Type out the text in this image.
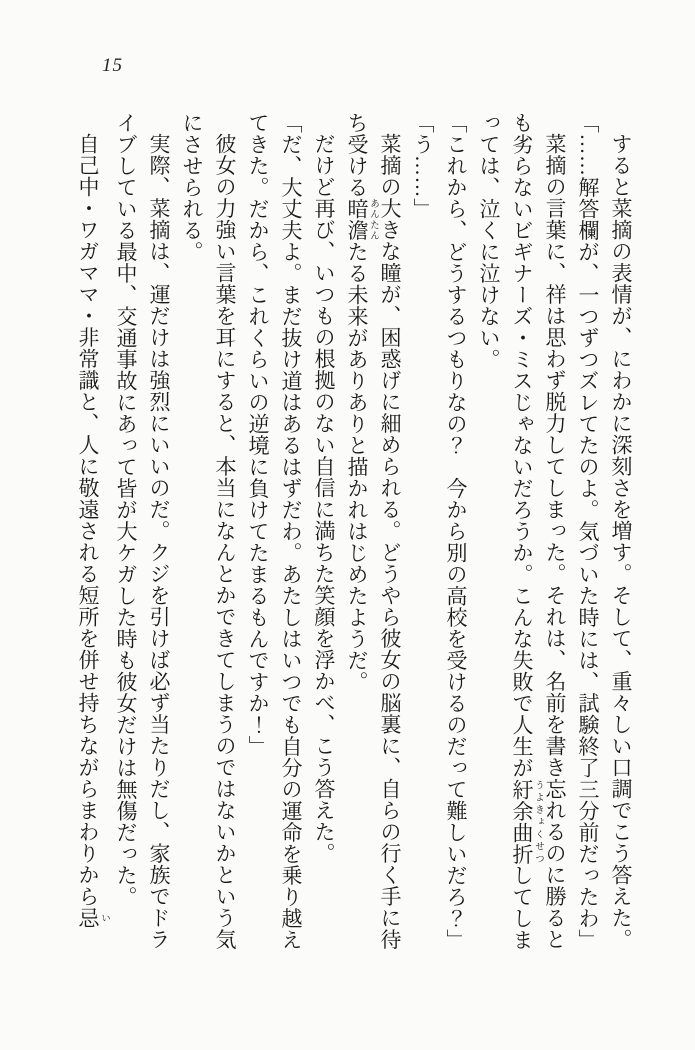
15

すると菜摘の表情が、にわかに深刻さを増す。そして、重々しい口調でこう答えた。

「……解答欄が、一つずつズレてたのよ。気づいた時には、試験終了三分前だったわ」

菜摘の言葉に、祥は思わず脱力してしまった。それは、名前を書き忘れるのに勝るとも劣らないビギナーズ・ミスじゃないだろうか。こんな失敗で人生が紆余曲折 うよきょくせつしてしまっては、泣くに泣けない。

「これから、どうするつもりなの？　今から別の高校を受けるのだって難しいだろ？」

「う……」

菜摘の大きな瞳が、困惑げに細められる。どうやら彼女の脳裏に、自らの行く手に待ち受ける暗澹 あんたんたる未来がありありと描かれはじめたようだ。

だけど再び、いつもの根拠のない自信に満ちた笑顔を浮かべ、こう答えた。

「だ、大丈夫よ。まだ抜け道はあるはずだわ。あたしはいつでも自分の運命を乗り越えてきた。だから、これくらいの逆境に負けてたまるもんですか！」

彼女の力強い言葉を耳にすると、本当になんとかできてしまうのではないかという気にさせられる。

実際、菜摘は、運だけは強烈にいいのだ。クジを引けば必ず当たりだし、家族でドライブしている最中、交通事故にあって皆が大ケガした時も彼女だけは無傷だった。

自己中・ワガママ・非常識と、人に敬遠される短所を併せ持ちながらまわりから忌 い
